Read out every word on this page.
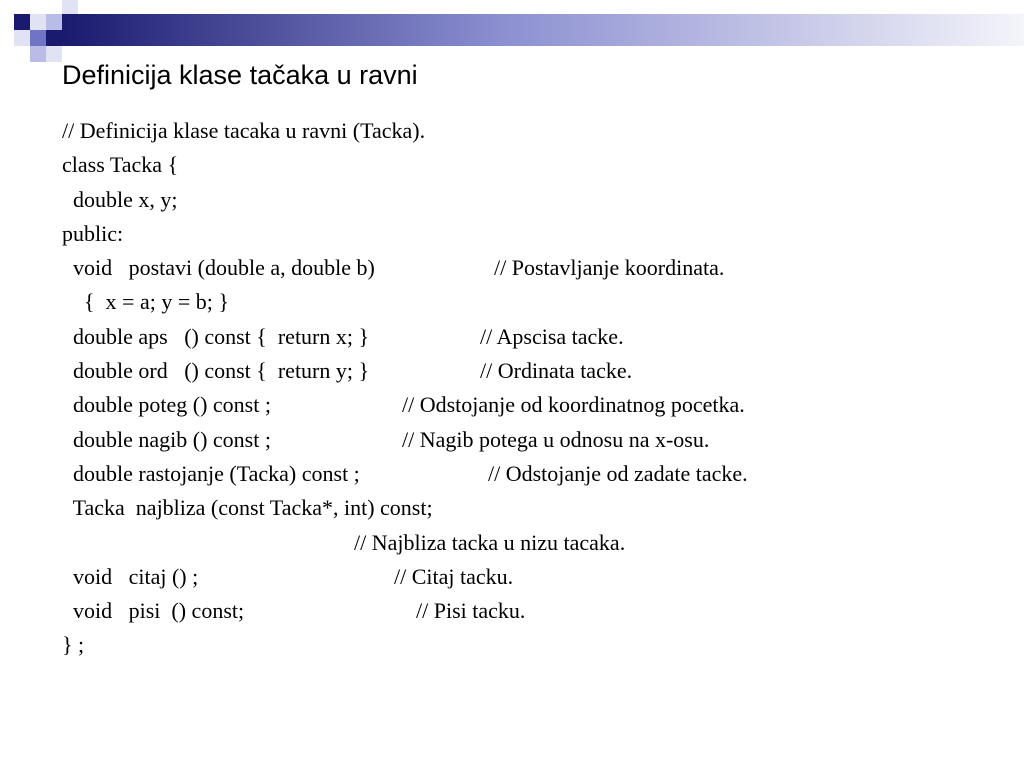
Definicija klase tačaka u ravni
// Definicija klase tacaka u ravni (Tacka).
class Tacka {
double x, y;
public:
void   postavi (double a, double b)	// Postavljanje koordinata.
{  x = a; y = b; }
double aps   () const {  return x; }	// Apscisa tacke.
double ord   () const {  return y; }	// Ordinata tacke.
double poteg () const ;	// Odstojanje od koordinatnog pocetka.
double nagib () const ;	// Nagib potega u odnosu na x-osu.
double rastojanje (Tacka) const ;	// Odstojanje od zadate tacke.
Tacka  najbliza (const Tacka*, int) const;
// Najbliza tacka u nizu tacaka.
void   citaj () ;	// Citaj tacku.
void   pisi  () const;	// Pisi tacku.
} ;
